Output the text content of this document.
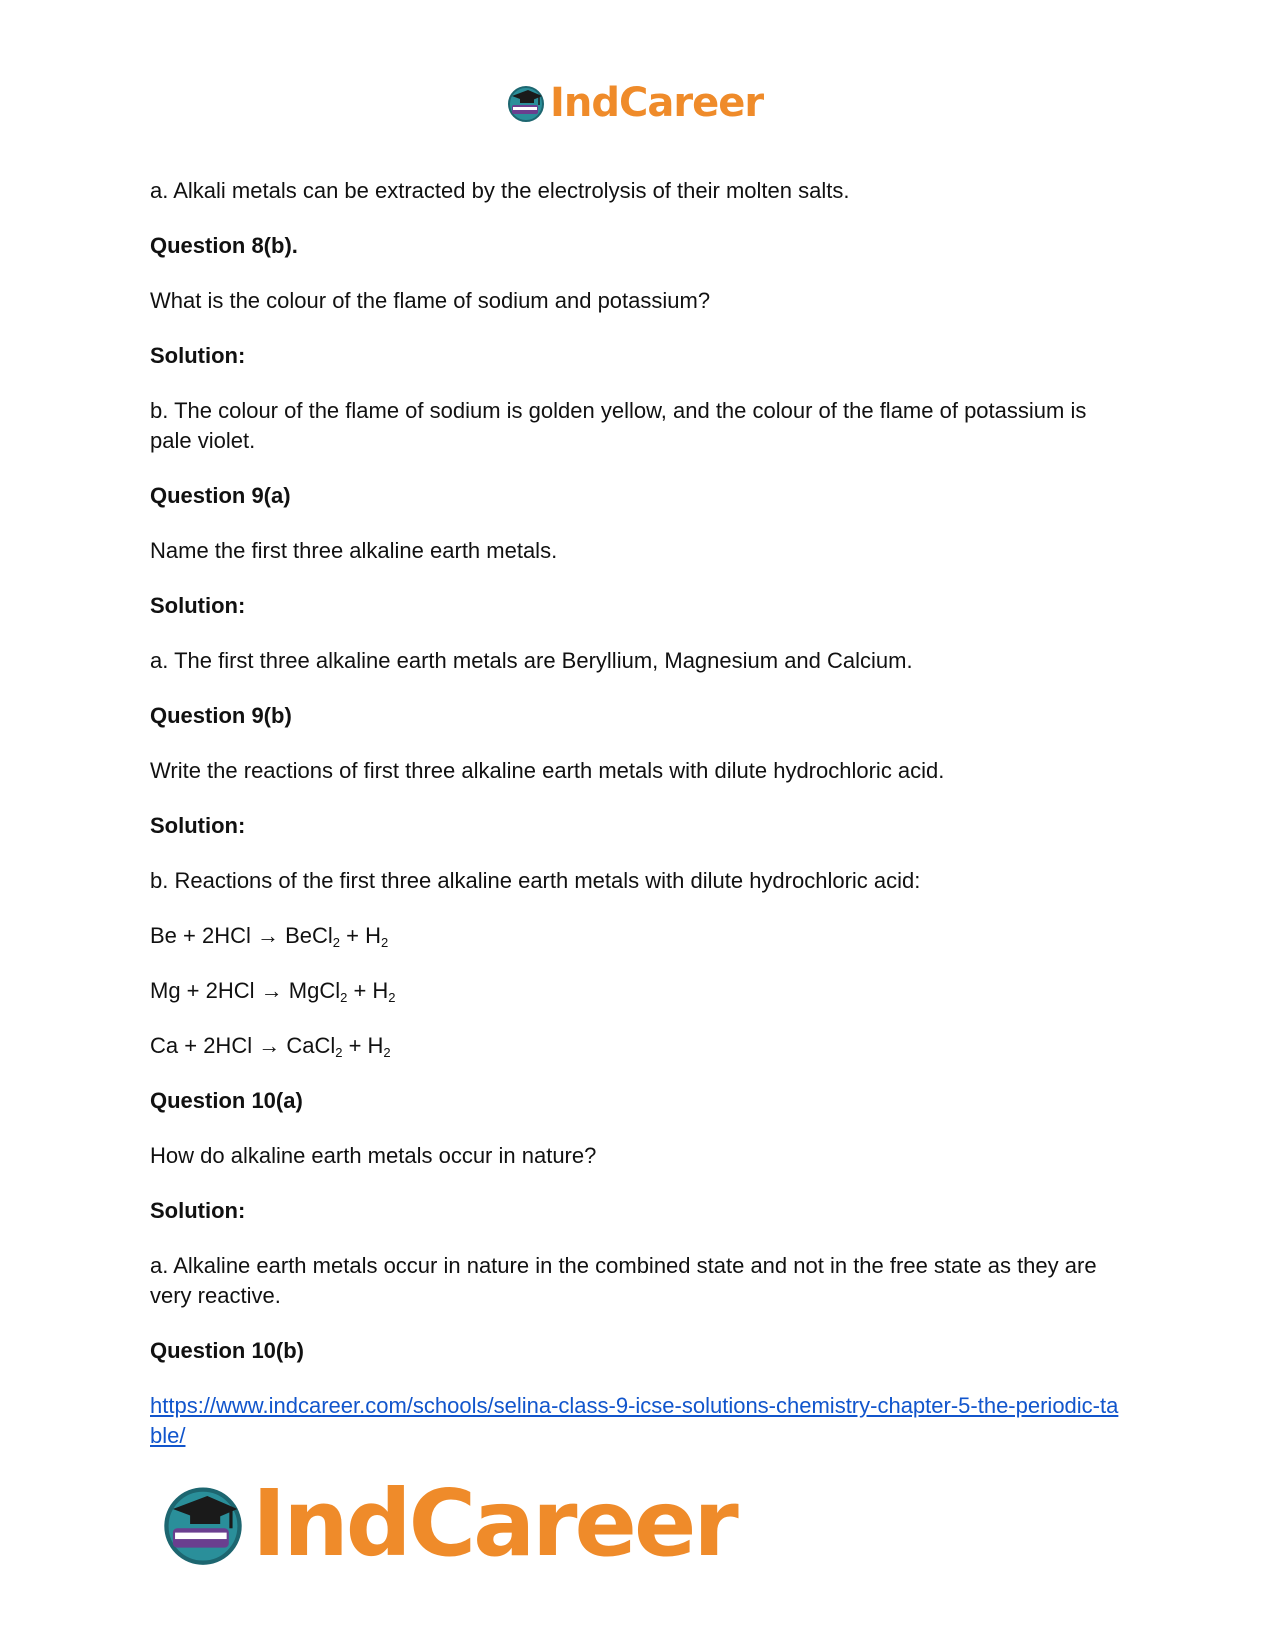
IndCareer

a. Alkali metals can be extracted by the electrolysis of their molten salts.

Question 8(b).

What is the colour of the flame of sodium and potassium?

Solution:

b. The colour of the flame of sodium is golden yellow, and the colour of the flame of potassium is pale violet.

Question 9(a)

Name the first three alkaline earth metals.

Solution:

a. The first three alkaline earth metals are Beryllium, Magnesium and Calcium.

Question 9(b)

Write the reactions of first three alkaline earth metals with dilute hydrochloric acid.

Solution:

b. Reactions of the first three alkaline earth metals with dilute hydrochloric acid:

Be + 2HCl → BeCl$_2$ + $H_2$

Mg + 2HCl → MgCl$_2$ + $H_2$

Ca + 2HCl → CaCl$_2$ + $H_2$

Question 10(a)

How do alkaline earth metals occur in nature?

Solution:

a. Alkaline earth metals occur in nature in the combined state and not in the free state as they are very reactive.

Question 10(b)

https://www.indcareer.com/schools/selina-class-9-icse-solutions-chemistry-chapter-5-the-periodic-table/
IndCareer
